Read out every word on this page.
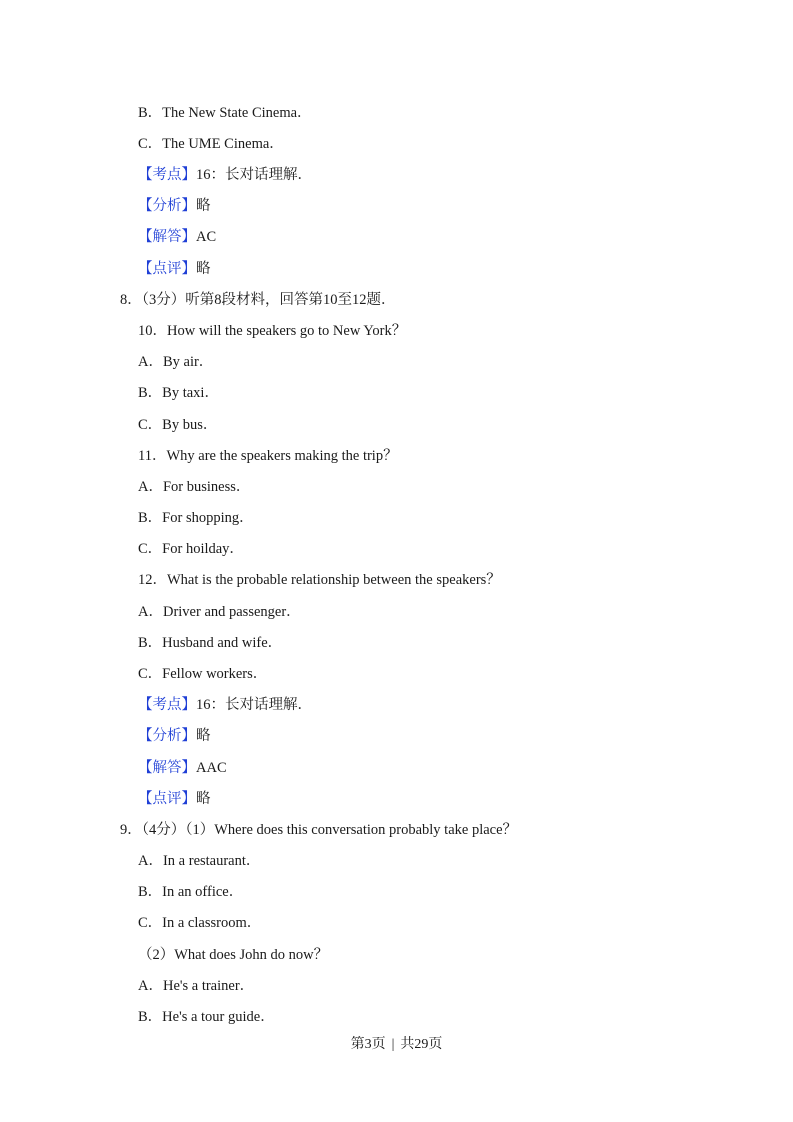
B．The New State Cinema．
C．The UME Cinema．
【考点】16：长对话理解．
【分析】略
【解答】AC
【点评】略
8．（3分）听第8段材料，回答第10至12题．
10．How will the speakers go to New York？
A．By air．
B．By taxi．
C．By bus．
11．Why are the speakers making the trip？
A．For business．
B．For shopping．
C．For hoilday．
12．What is the probable relationship between the speakers？
A．Driver and passenger．
B．Husband and wife．
C．Fellow workers．
【考点】16：长对话理解．
【分析】略
【解答】AAC
【点评】略
9．（4分）（1）Where does this conversation probably take place？
A．In a restaurant．
B．In an office．
C．In a classroom．
（2）What does John do now？
A．He's a trainer．
B．He's a tour guide．
第3页 | 共29页
